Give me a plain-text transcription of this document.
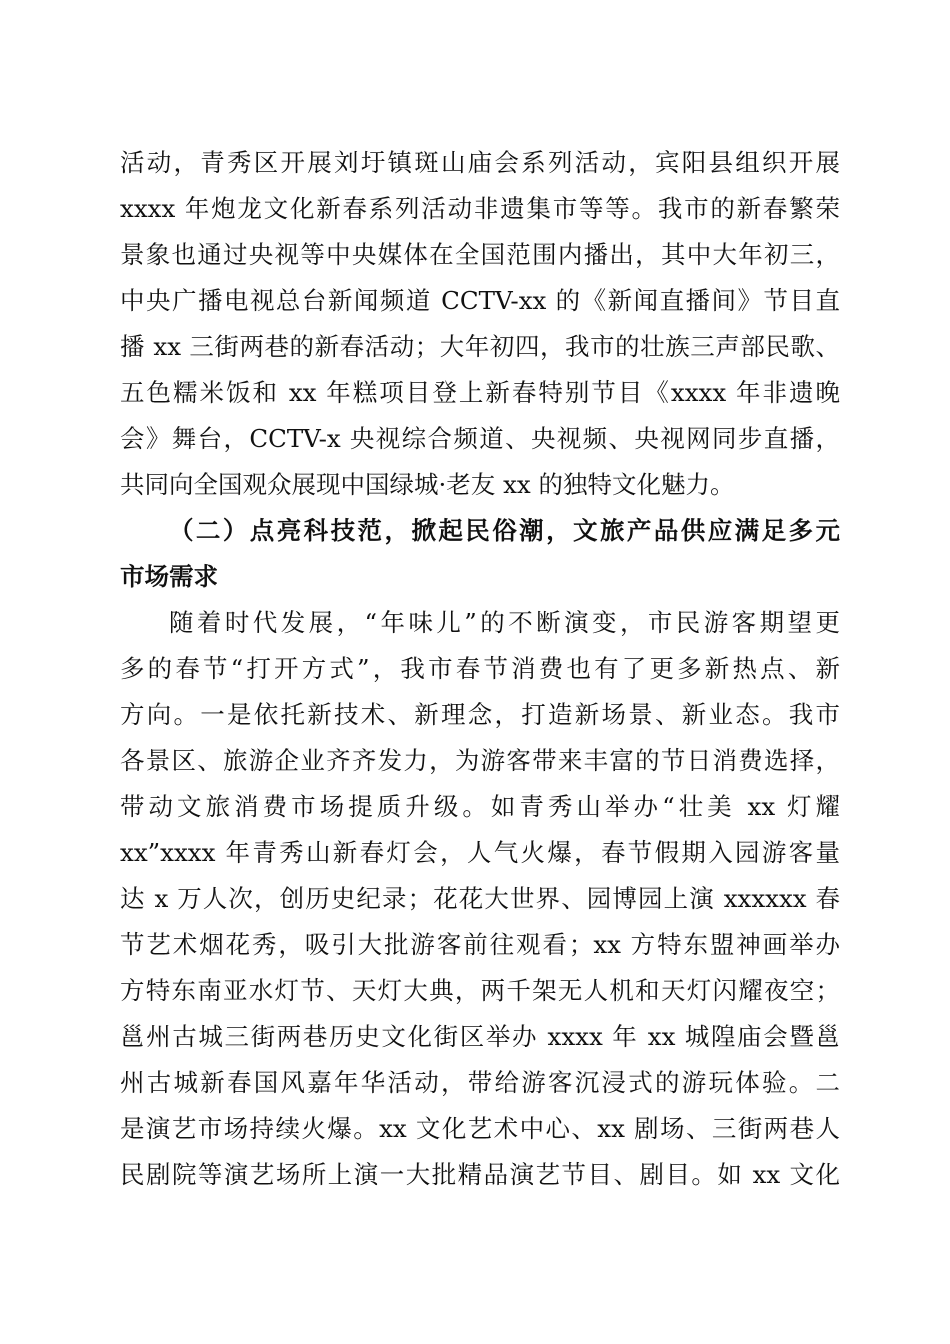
活动，青秀区开展刘圩镇斑山庙会系列活动，宾阳县组织开展
xxxx 年炮龙文化新春系列活动非遗集市等等。我市的新春繁荣
景象也通过央视等中央媒体在全国范围内播出，其中大年初三，
中央广播电视总台新闻频道 CCTV-xx 的《新闻直播间》节目直
播 xx 三街两巷的新春活动；大年初四，我市的壮族三声部民歌、
五色糯米饭和 xx 年糕项目登上新春特别节目《xxxx 年非遗晚
会》舞台，CCTV-x 央视综合频道、央视频、央视网同步直播，
共同向全国观众展现中国绿城·老友 xx 的独特文化魅力。
（二）点亮科技范，掀起民俗潮，文旅产品供应满足多元
市场需求
随着时代发展，“年味儿”的不断演变，市民游客期望更
多的春节“打开方式”，我市春节消费也有了更多新热点、新
方向。一是依托新技术、新理念，打造新场景、新业态。我市
各景区、旅游企业齐齐发力，为游客带来丰富的节日消费选择，
带动文旅消费市场提质升级。如青秀山举办“壮美 xx 灯耀
xx”xxxx 年青秀山新春灯会，人气火爆，春节假期入园游客量
达 x 万人次，创历史纪录；花花大世界、园博园上演 xxxxxx 春
节艺术烟花秀，吸引大批游客前往观看；xx 方特东盟神画举办
方特东南亚水灯节、天灯大典，两千架无人机和天灯闪耀夜空；
邕州古城三街两巷历史文化街区举办 xxxx 年 xx 城隍庙会暨邕
州古城新春国风嘉年华活动，带给游客沉浸式的游玩体验。二
是演艺市场持续火爆。xx 文化艺术中心、xx 剧场、三街两巷人
民剧院等演艺场所上演一大批精品演艺节目、剧目。如 xx 文化
